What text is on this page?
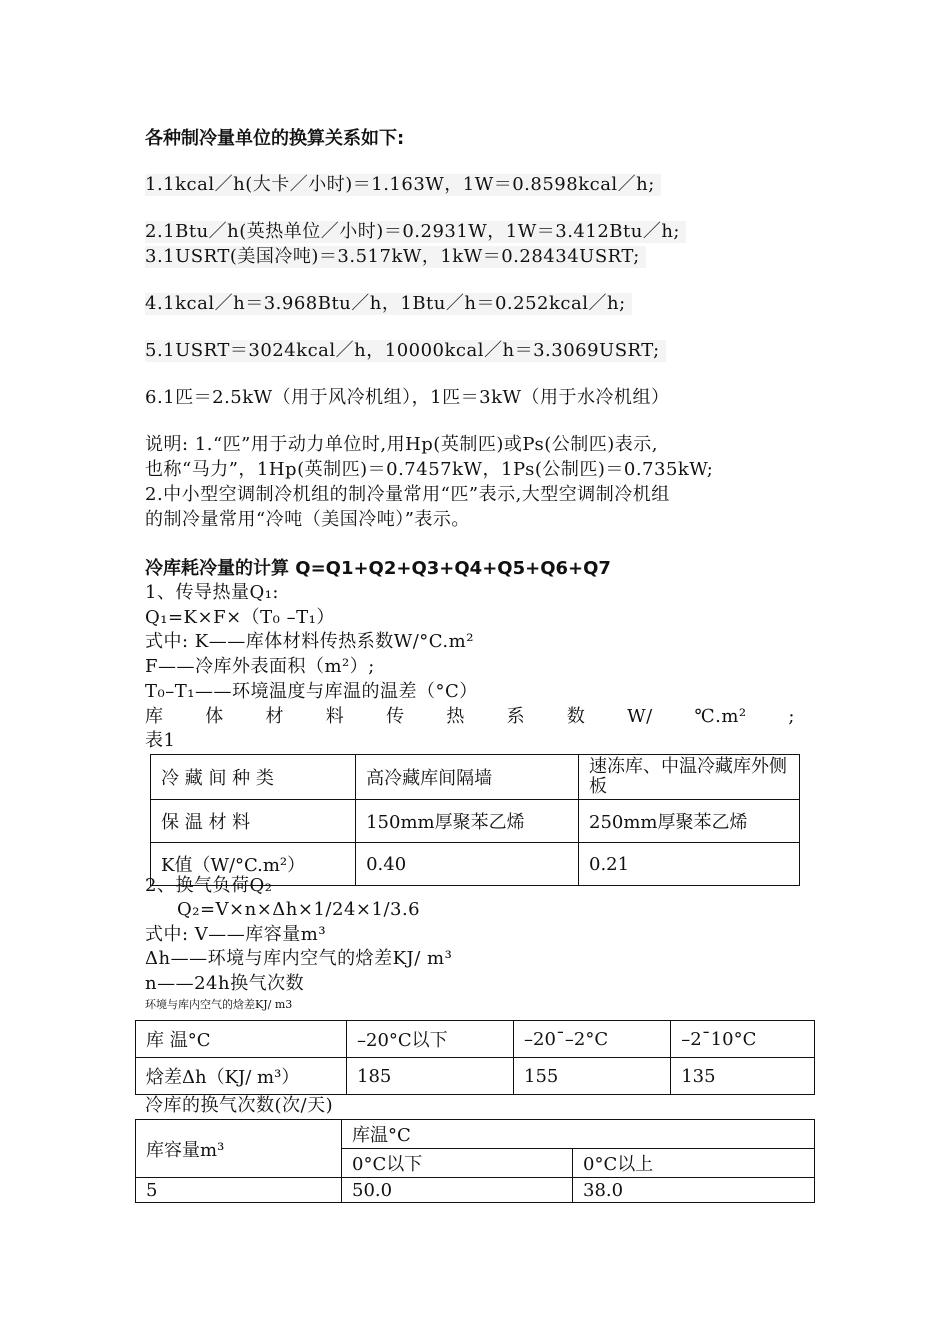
各种制冷量单位的换算关系如下:
1.1kcal／h(大卡／小时)＝1.163W，1W＝0.8598kcal／h;
2.1Btu／h(英热单位／小时)＝0.2931W，1W＝3.412Btu／h;
3.1USRT(美国冷吨)＝3.517kW，1kW＝0.28434USRT;
4.1kcal／h＝3.968Btu／h，1Btu／h＝0.252kcal／h;
5.1USRT＝3024kcal／h，10000kcal／h＝3.3069USRT;
6.1匹＝2.5kW（用于风冷机组），1匹＝3kW（用于水冷机组）
说明: 1.“匹”用于动力单位时,用Hp(英制匹)或Ps(公制匹)表示,
也称“马力”，1Hp(英制匹)＝0.7457kW，1Ps(公制匹)＝0.735kW;
2.中小型空调制冷机组的制冷量常用“匹”表示,大型空调制冷机组
的制冷量常用“冷吨（美国冷吨）”表示。
冷库耗冷量的计算 Q=Q1+Q2+Q3+Q4+Q5+Q6+Q7
1、传导热量Q₁:
Q₁=K×F×（T₀ –T₁）
式中: K——库体材料传热系数W/°C.m²
F——冷库外表面积（m²）;
T₀–T₁——环境温度与库温的温差（°C）
库 体 材 料 传 热 系 数 W/ ℃.m² ;
表1
冷 藏 间 种 类	高冷藏库间隔墙	速冻库、中温冷藏库外侧板
保 温 材 料	150mm厚聚苯乙烯	250mm厚聚苯乙烯
K值（W/°C.m²）	0.40	0.21
2、换气负荷Q₂
Q₂=V×n×Δh×1/24×1/3.6
式中: V——库容量m³
Δh——环境与库内空气的焓差KJ/ m³
n——24h换气次数
环境与库内空气的焓差KJ/ m3
库 温°C	–20°C以下	–20¯–2°C	–2¯10°C
焓差Δh（KJ/ m³）	185	155	135
冷库的换气次数(次/天)
库容量m³	库温°C	
	0°C以下	0°C以上
5	50.0	38.0
